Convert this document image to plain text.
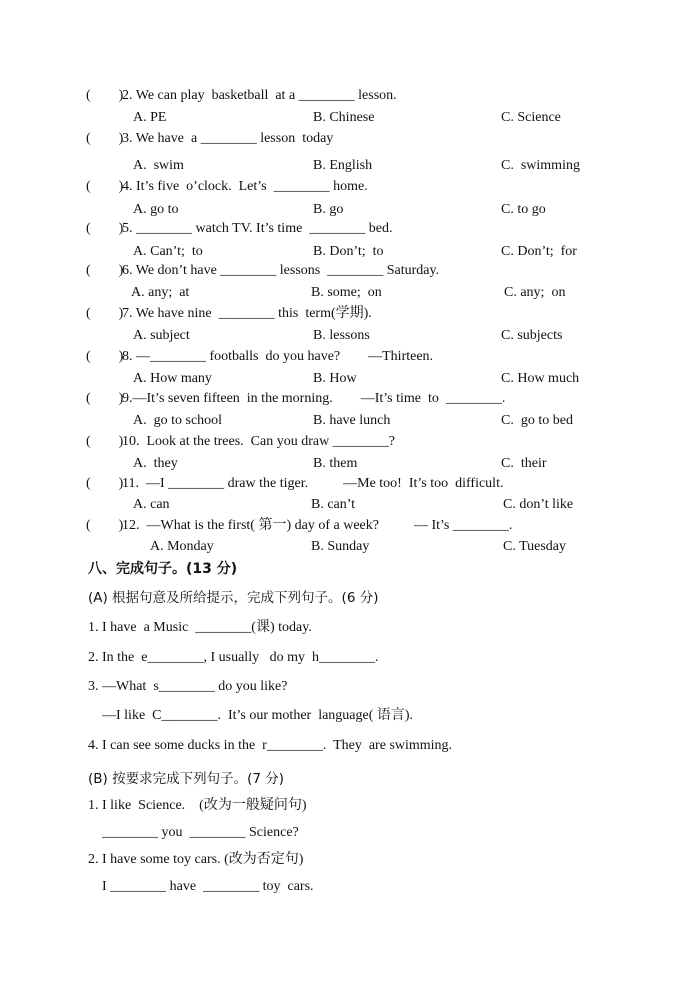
(        )
2. We can play  basketball  at a ________ lesson.
A. PE	B. Chinese	C. Science
(        )
3. We have  a ________ lesson  today
A.  swim	B. English	C.  swimming
(        )
4. It’s five  o’clock.  Let’s  ________ home.
A. go to	B. go	C. to go
(        )
5. ________ watch TV. It’s time  ________ bed.
A. Can’t;  to	B. Don’t;  to	C. Don’t;  for
(        )
6. We don’t have ________ lessons  ________ Saturday.
A. any;  at	B. some;  on	C. any;  on
(        )
7. We have nine  ________ this  term(学期).
A. subject	B. lessons	C. subjects
(        )
8. —________ footballs  do you have?        —Thirteen.
A. How many	B. How	C. How much
(        )
9.—It’s seven fifteen  in the morning.        —It’s time  to  ________.
A.  go to school	B. have lunch	C.  go to bed
(        )
10.  Look at the trees.  Can you draw ________?
A.  they	B. them	C.  their
(        )
11.  —I ________ draw the tiger.          —Me too!  It’s too  difficult.
A. can	B. can’t	C. don’t like
(        )
12.  —What is the first( 第一) day of a week?          — It’s ________.
A. Monday	B. Sunday	C. Tuesday
八、完成句子。(13 分)
(A) 根据句意及所给提示，完成下列句子。(6 分)
1. I have  a Music  ________(课) today.
2. In the  e________, I usually   do my  h________.
3. —What  s________ do you like?
—I like  C________.  It’s our mother  language( 语言).
4. I can see some ducks in the  r________.  They  are swimming.
(B) 按要求完成下列句子。(7 分)
1. I like  Science.    (改为一般疑问句)
________ you  ________ Science?
2. I have some toy cars. (改为否定句)
I ________ have  ________ toy  cars.
